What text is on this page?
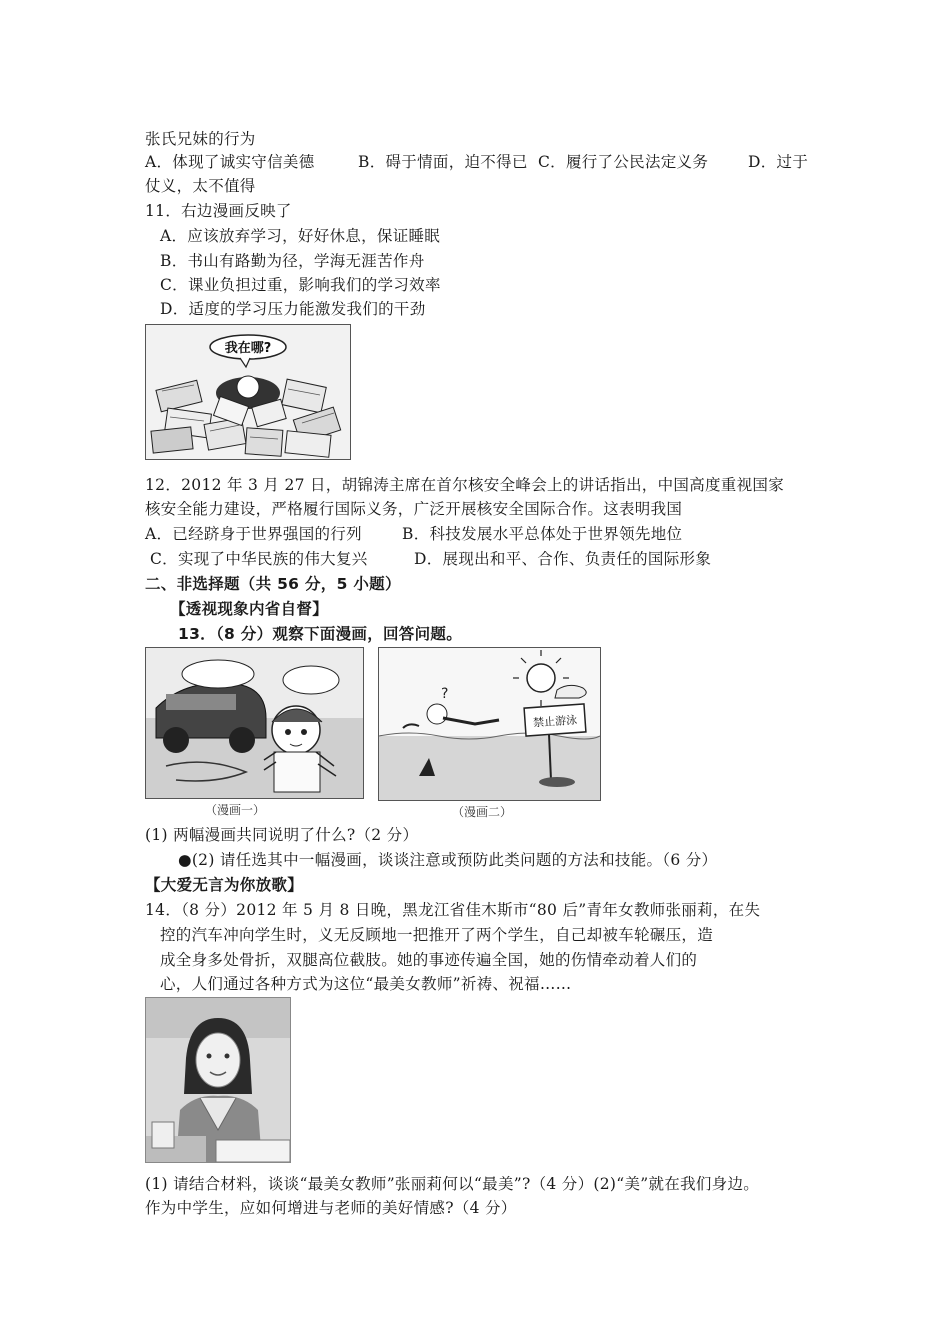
张氏兄妹的行为
A．体现了诚实守信美德	B．碍于情面，迫不得已 C．履行了公民法定义务	D．过于
仗义，太不值得
11．右边漫画反映了
A．应该放弃学习，好好休息，保证睡眠
B．书山有路勤为径，学海无涯苦作舟
C．课业负担过重，影响我们的学习效率
D．适度的学习压力能激发我们的干劲
我在哪?
12．2012 年 3 月 27 日，胡锦涛主席在首尔核安全峰会上的讲话指出，中国高度重视国家
核安全能力建设，严格履行国际义务，广泛开展核安全国际合作。这表明我国
A．已经跻身于世界强国的行列	B．科技发展水平总体处于世界领先地位
C．实现了中华民族的伟大复兴	D．展现出和平、合作、负责任的国际形象
二、非选择题（共 56 分，5 小题）
【透视现象内省自督】
13．（8 分）观察下面漫画，回答问题。
（漫画一）
?
禁止游泳
（漫画二）
(1) 两幅漫画共同说明了什么?（2 分）
●(2) 请任选其中一幅漫画，谈谈注意或预防此类问题的方法和技能。（6 分）
【大爱无言为你放歌】
14．（8 分）2012 年 5 月 8 日晚，黑龙江省佳木斯市“80 后”青年女教师张丽莉，在失
控的汽车冲向学生时，义无反顾地一把推开了两个学生，自己却被车轮碾压，造
成全身多处骨折，双腿高位截肢。她的事迹传遍全国，她的伤情牵动着人们的
心，人们通过各种方式为这位“最美女教师”祈祷、祝福……
(1) 请结合材料，谈谈“最美女教师”张丽莉何以“最美”?（4 分）(2)“美”就在我们身边。
作为中学生，应如何增进与老师的美好情感?（4 分）
